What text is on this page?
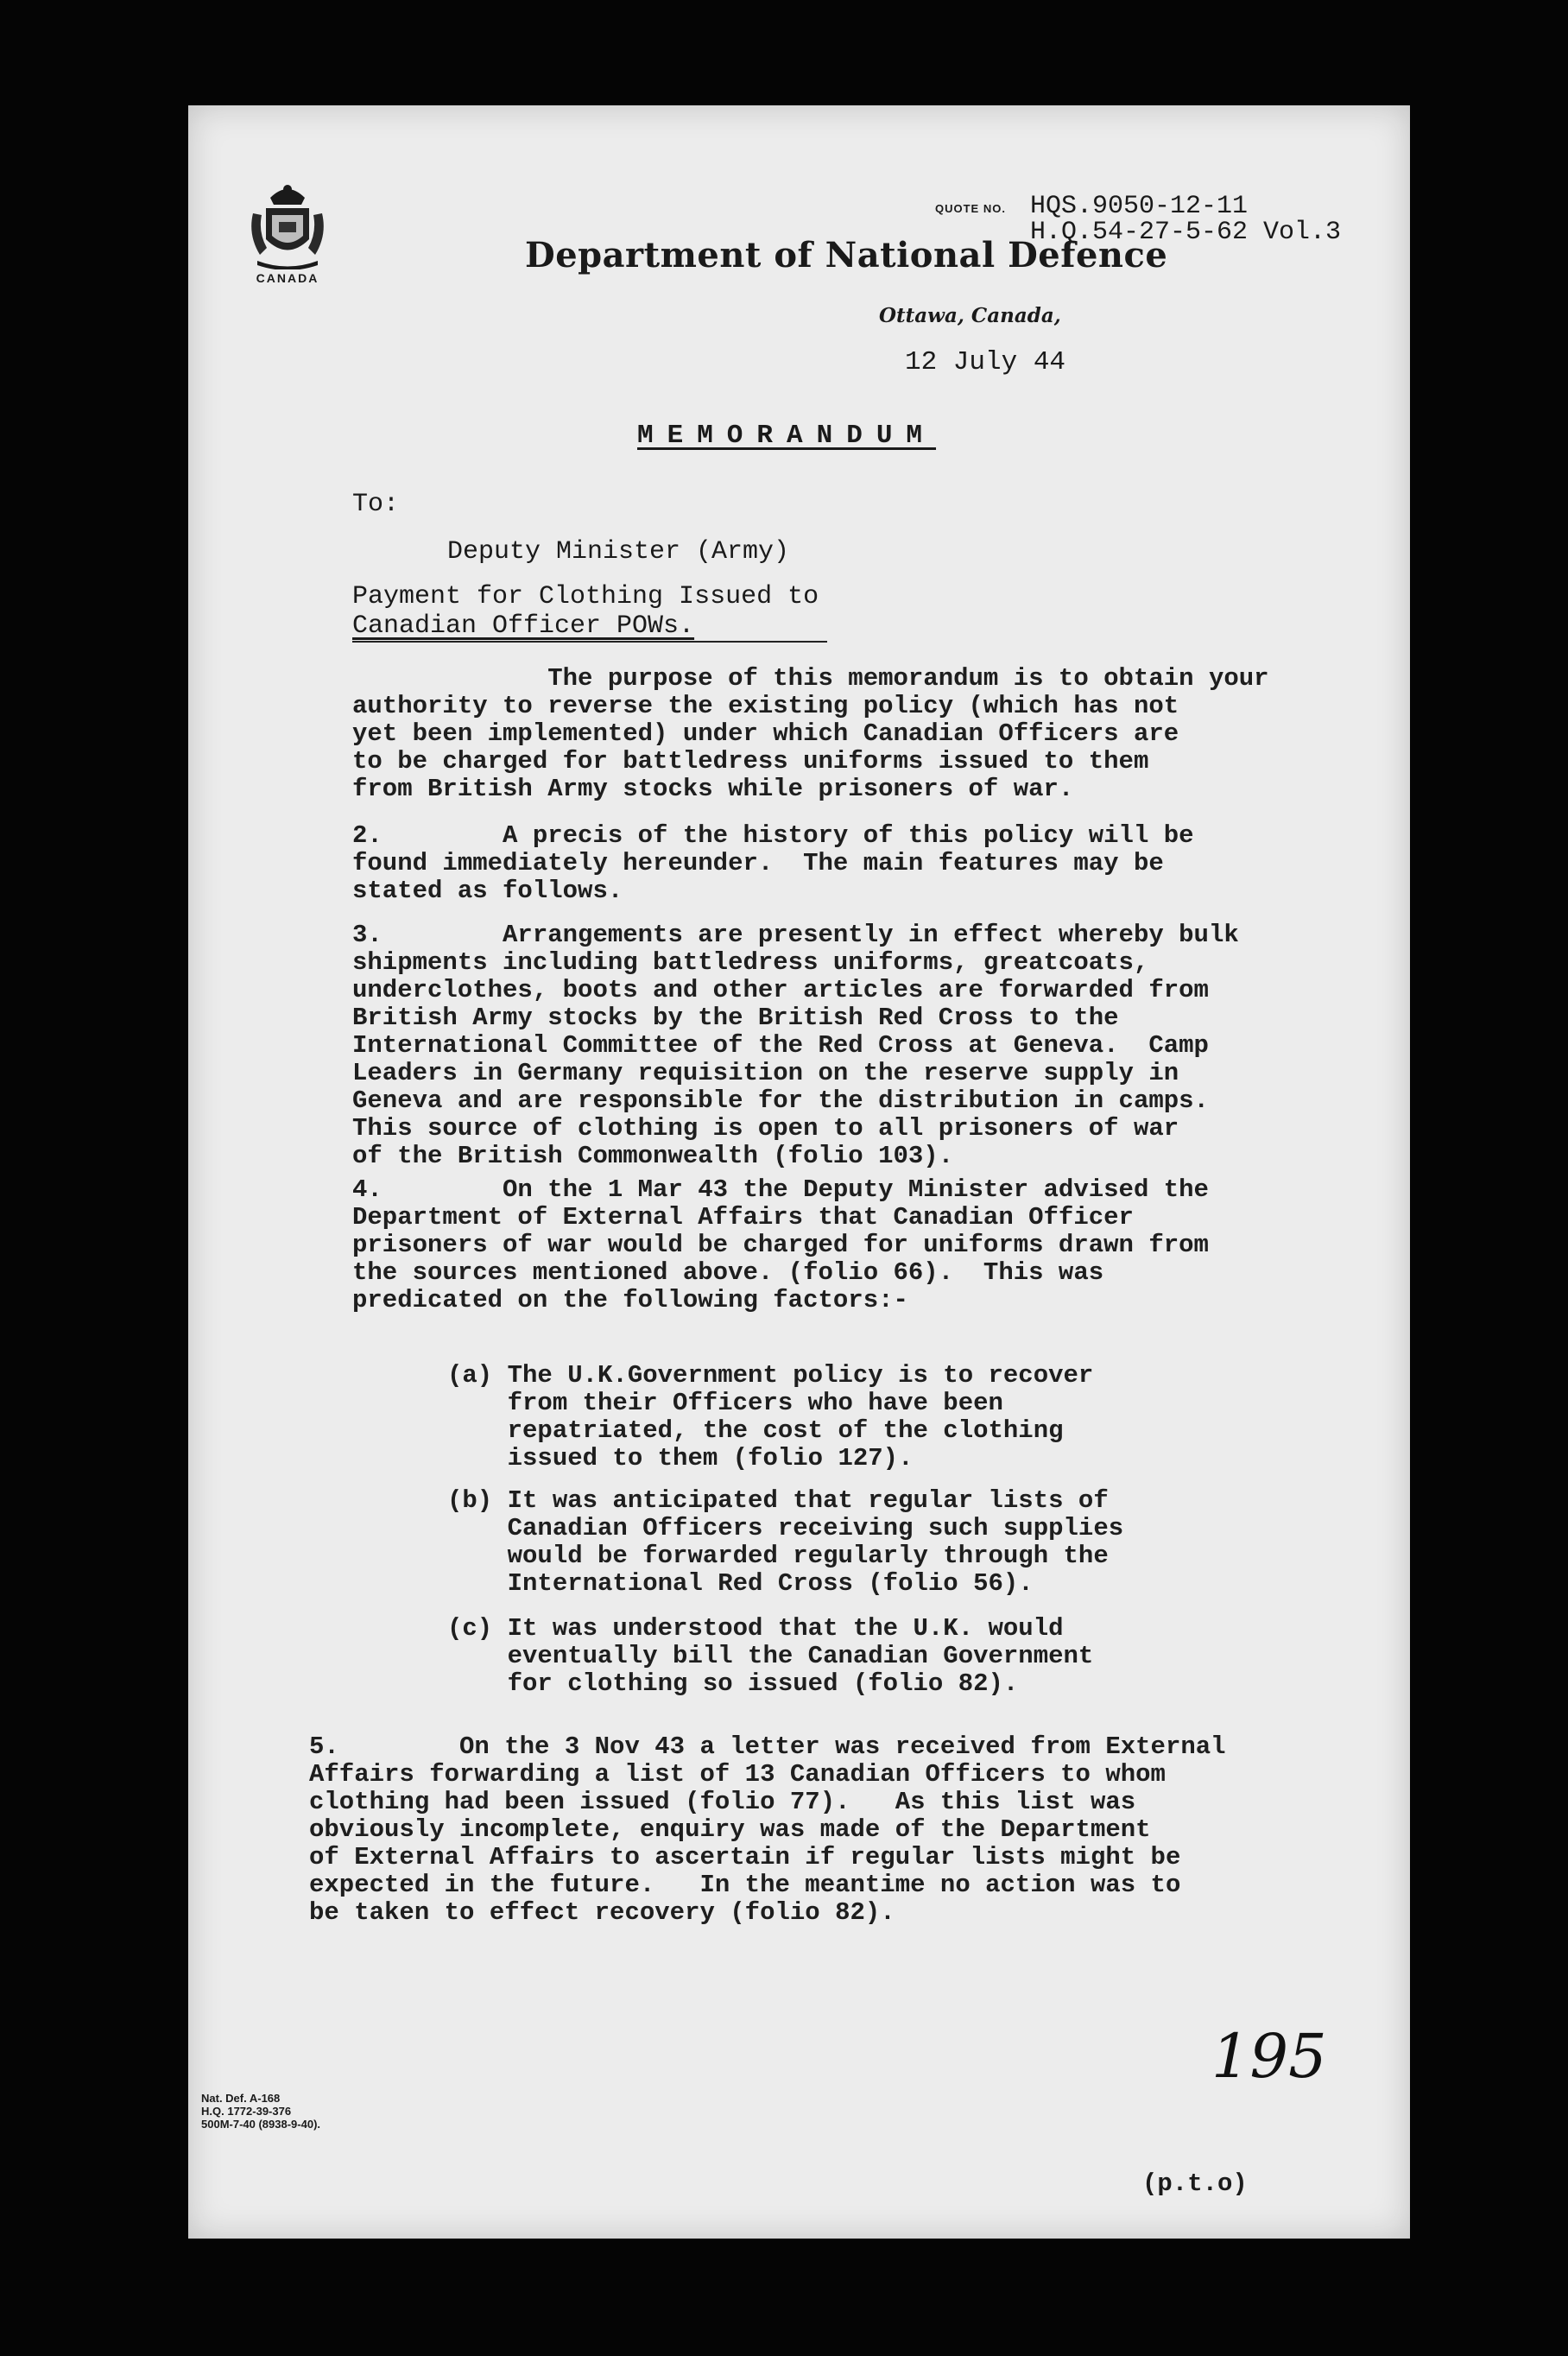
CANADA
Department of National Defence
QUOTE NO. HQS.9050-12-11
H.Q.54-27-5-62 Vol.3
Ottawa, Canada,
12 July 44
MEMORANDUM
To:
Deputy Minister (Army)
Payment for Clothing Issued to
Canadian Officer POWs.
The purpose of this memorandum is to obtain your
authority to reverse the existing policy (which has not
yet been implemented) under which Canadian Officers are
to be charged for battledress uniforms issued to them
from British Army stocks while prisoners of war.
2.        A precis of the history of this policy will be
found immediately hereunder.  The main features may be
stated as follows.
3.        Arrangements are presently in effect whereby bulk
shipments including battledress uniforms, greatcoats,
underclothes, boots and other articles are forwarded from
British Army stocks by the British Red Cross to the
International Committee of the Red Cross at Geneva.  Camp
Leaders in Germany requisition on the reserve supply in
Geneva and are responsible for the distribution in camps.
This source of clothing is open to all prisoners of war
of the British Commonwealth (folio 103).
4.        On the 1 Mar 43 the Deputy Minister advised the
Department of External Affairs that Canadian Officer
prisoners of war would be charged for uniforms drawn from
the sources mentioned above. (folio 66).  This was
predicated on the following factors:-
(a) The U.K.Government policy is to recover
from their Officers who have been
repatriated, the cost of the clothing
issued to them (folio 127).
(b) It was anticipated that regular lists of
Canadian Officers receiving such supplies
would be forwarded regularly through the
International Red Cross (folio 56).
(c) It was understood that the U.K. would
eventually bill the Canadian Government
for clothing so issued (folio 82).
5.        On the 3 Nov 43 a letter was received from External
Affairs forwarding a list of 13 Canadian Officers to whom
clothing had been issued (folio 77).   As this list was
obviously incomplete, enquiry was made of the Department
of External Affairs to ascertain if regular lists might be
expected in the future.   In the meantime no action was to
be taken to effect recovery (folio 82).
195
Nat. Def. A-168
H.Q. 1772-39-376
500M-7-40 (8938-9-40).
(p.t.o)
